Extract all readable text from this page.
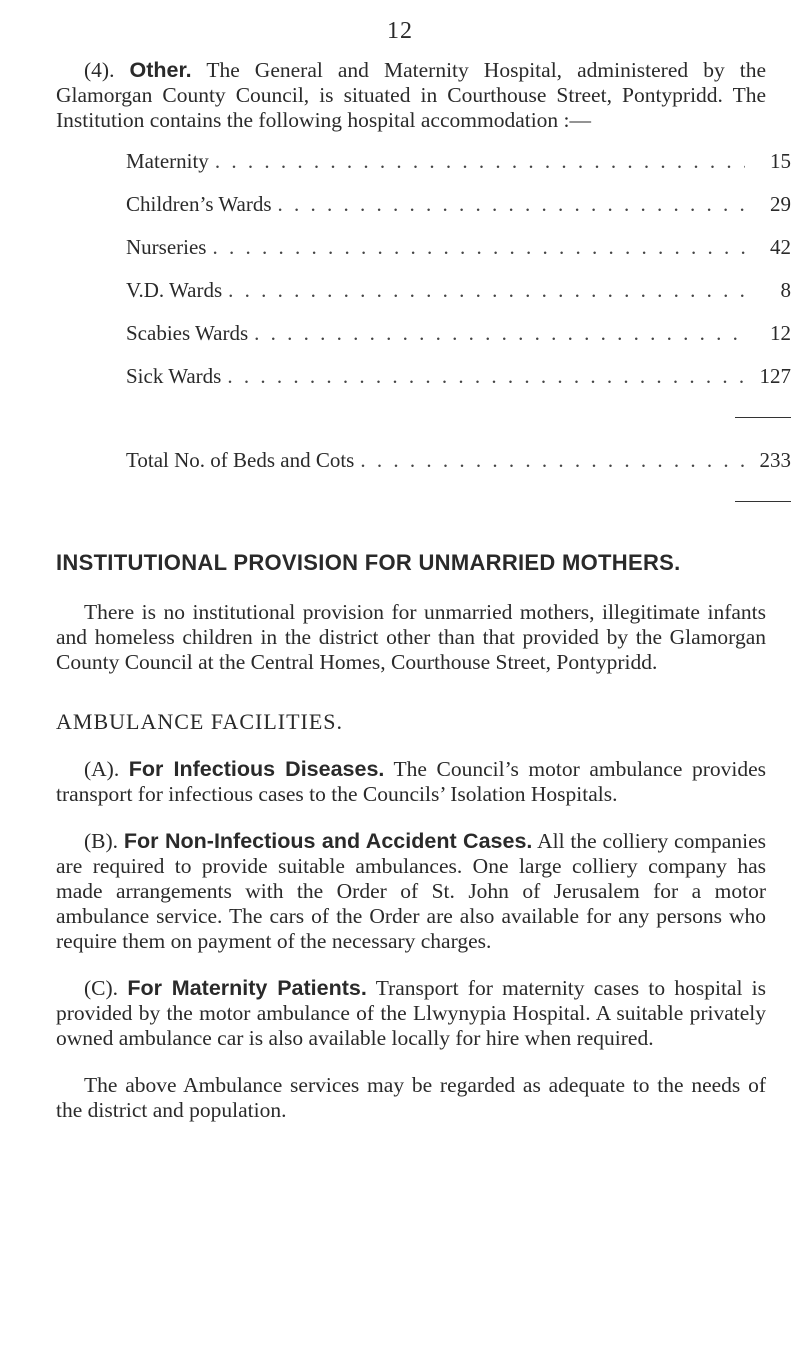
12

(4). Other. The General and Maternity Hospital, administered by the Glamorgan County Council, is situated in Courthouse Street, Pontypridd. The Institution contains the following hospital accommodation :—

Maternity . . .	15
Children’s Wards . . .	29
Nurseries . . .	42
V.D. Wards . . .	8
Scabies Wards . . .	12
Sick Wards . . .	127
Total No. of Beds and Cots . . .	233
INSTITUTIONAL PROVISION FOR UNMARRIED MOTHERS.

There is no institutional provision for unmarried mothers, illegitimate infants and homeless children in the district other than that provided by the Glamorgan County Council at the Central Homes, Courthouse Street, Pontypridd.

AMBULANCE FACILITIES.

(A). For Infectious Diseases. The Council’s motor ambulance provides transport for infectious cases to the Councils’ Isolation Hospitals.

(B). For Non-Infectious and Accident Cases. All the colliery companies are required to provide suitable ambulances. One large colliery company has made arrangements with the Order of St. John of Jerusalem for a motor ambulance service. The cars of the Order are also available for any persons who require them on payment of the necessary charges.

(C). For Maternity Patients. Transport for maternity cases to hospital is provided by the motor ambulance of the Llwynypia Hospital. A suitable privately owned ambulance car is also available locally for hire when required.

The above Ambulance services may be regarded as adequate to the needs of the district and population.
